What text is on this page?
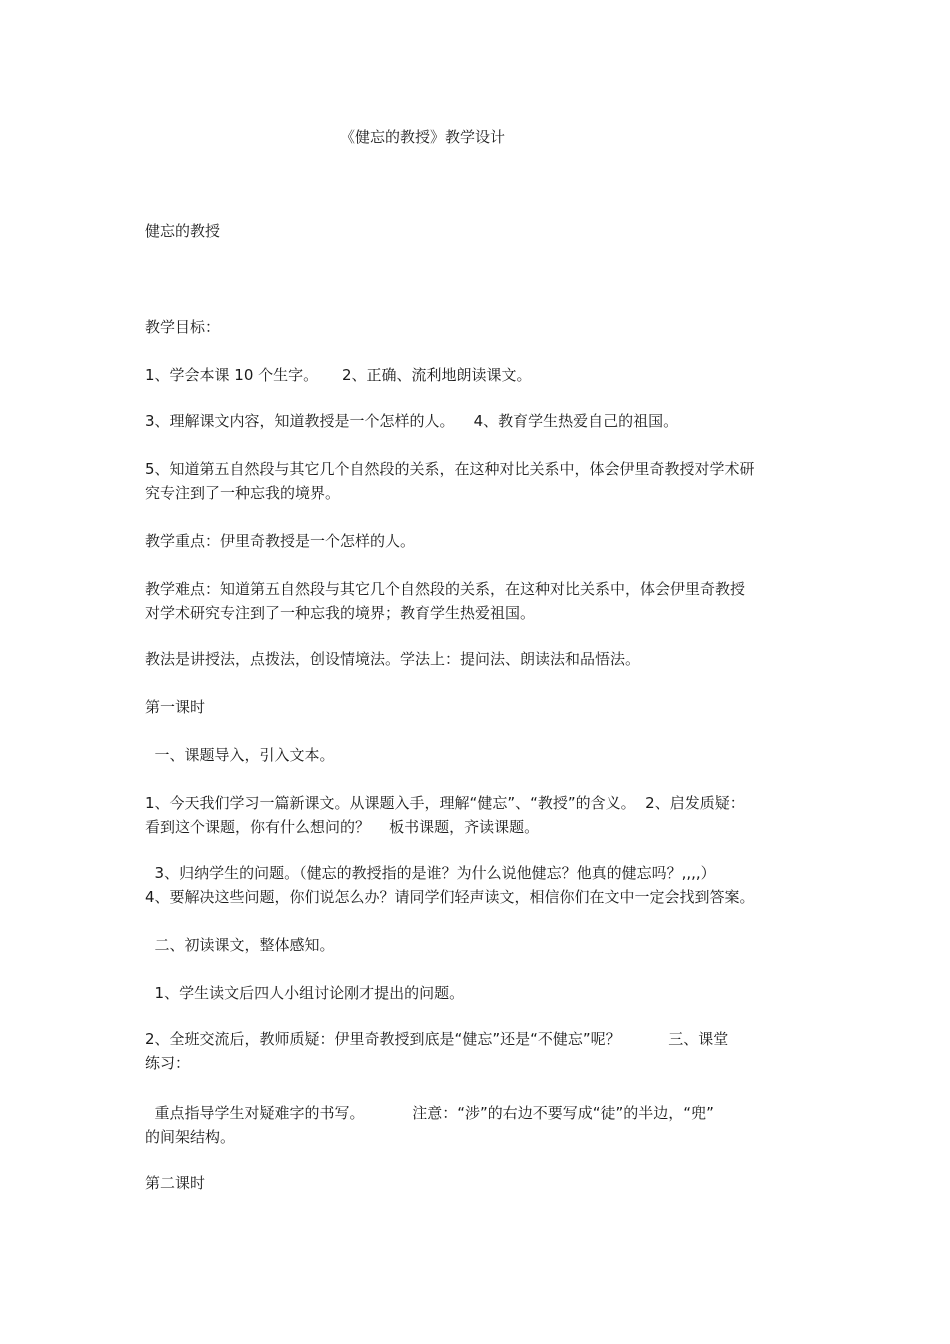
《健忘的教授》教学设计

健忘的教授

教学目标：

1、学会本课 10 个生字。     2、正确、流利地朗读课文。

3、理解课文内容，知道教授是一个怎样的人。    4、教育学生热爱自己的祖国。

5、知道第五自然段与其它几个自然段的关系，在这种对比关系中，体会伊里奇教授对学术研

究专注到了一种忘我的境界。

教学重点：伊里奇教授是一个怎样的人。

教学难点：知道第五自然段与其它几个自然段的关系，在这种对比关系中，体会伊里奇教授

对学术研究专注到了一种忘我的境界；教育学生热爱祖国。

教法是讲授法，点拨法，创设情境法。学法上：提问法、朗读法和品悟法。

第一课时

一、课题导入，引入文本。

1、今天我们学习一篇新课文。从课题入手，理解“健忘”、“教授”的含义。  2、启发质疑：

看到这个课题，你有什么想问的？    板书课题，齐读课题。

3、归纳学生的问题。（健忘的教授指的是谁？为什么说他健忘？他真的健忘吗？,,,,）

4、要解决这些问题，你们说怎么办？请同学们轻声读文，相信你们在文中一定会找到答案。

二、初读课文，整体感知。

1、学生读文后四人小组讨论刚才提出的问题。

2、全班交流后，教师质疑：伊里奇教授到底是“健忘”还是“不健忘”呢？          三、课堂

练习：

重点指导学生对疑难字的书写。          注意：“涉”的右边不要写成“徒”的半边，“兜”

的间架结构。

第二课时
